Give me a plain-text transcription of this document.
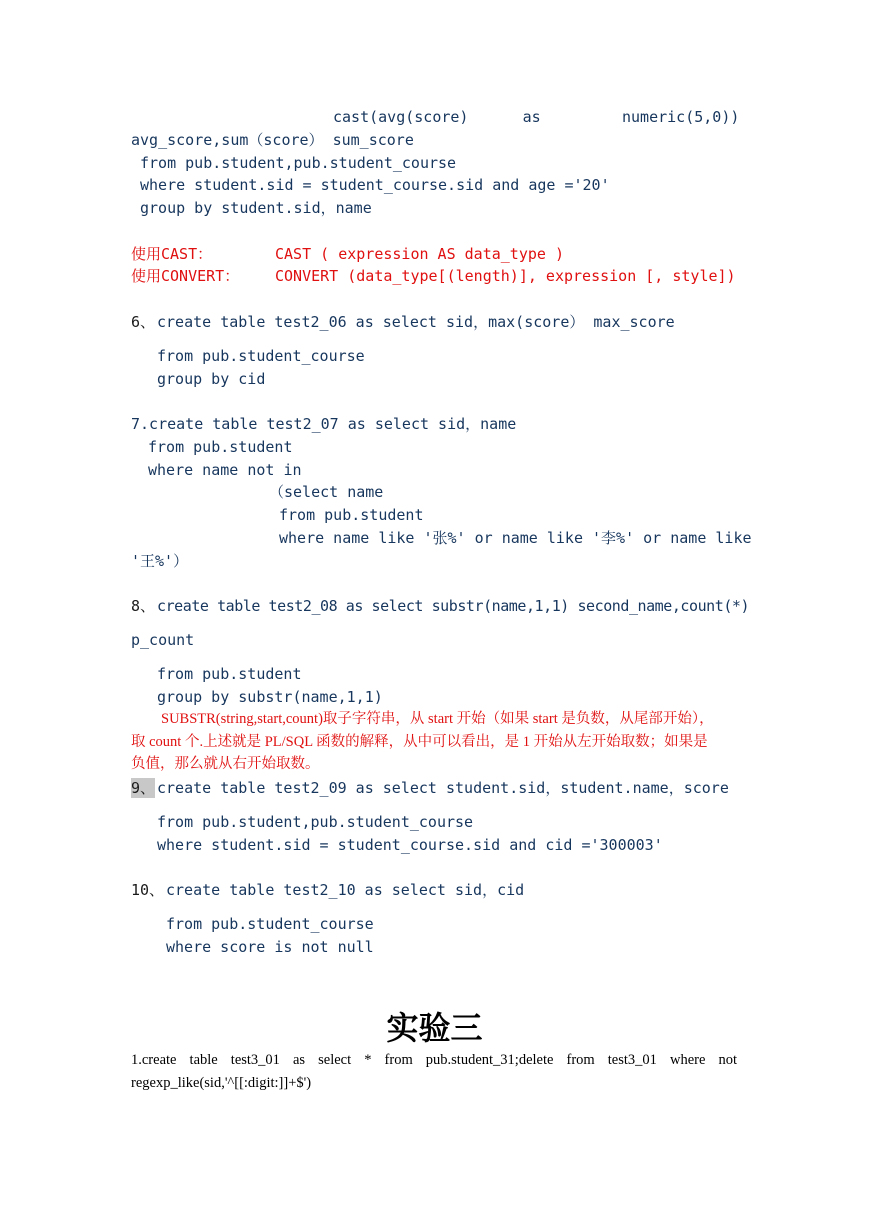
cast(avg(score)      as         numeric(5,0))
avg_score,sum（score） sum_score
from pub.student,pub.student_course
where student.sid = student_course.sid and age ='20'
group by student.sid，name
使用CAST：	CAST ( expression AS data_type )
使用CONVERT： CONVERT (data_type[(length)], expression [, style])
6、 create table test2_06 as select sid，max(score） max_score
from pub.student_course
group by cid
7.create table test2_07 as select sid，name
from pub.student
where name not in
（select name
from pub.student
where name like '张%' or name like '李%' or name like
'王%'）
8、 create table test2_08 as select substr(name,1,1) second_name,count(*)
p_count
from pub.student
group by substr(name,1,1)
SUBSTR(string,start,count)取子字符串，从 start 开始（如果 start 是负数，从尾部开始），
取 count 个.上述就是 PL/SQL 函数的解释，从中可以看出，是 1 开始从左开始取数；如果是
负值，那么就从右开始取数。
9、 create table test2_09 as select student.sid，student.name，score
from pub.student,pub.student_course
where student.sid = student_course.sid and cid ='300003'
10、 create table test2_10 as select sid，cid
from pub.student_course
where score is not null
实验三
1.create table test3_01 as select * from pub.student_31;delete from test3_01 where not
regexp_like(sid,'^[[:digit:]]+$')
